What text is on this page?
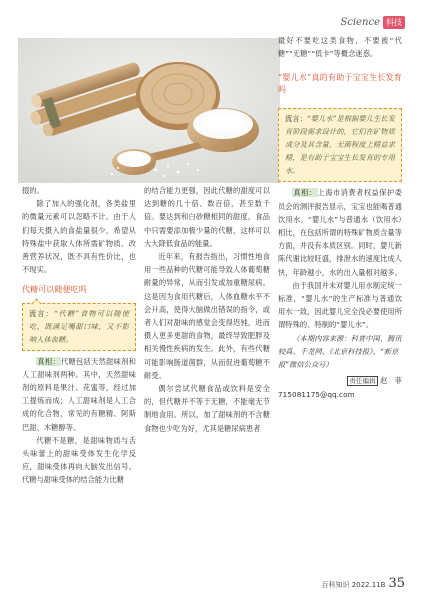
Science 科技

掇的。

除了加入的强化剂，各类盐里的微量元素可以忽略不计。由于人们每天摄入的食盐量很少，希望从特殊盐中获取人体所需矿物质、改善营养状况，既不具有性价比，也不现实。

代糖可以随便吃吗
流言：“代糖”食物可以随便吃，既满足嘴甜口味，又不影响人体血糖。

真相：代糖包括天然甜味剂和人工甜味剂两种。其中，天然甜味剂的原料是果汁、花蜜等，经过加工提炼而成；人工甜味剂是人工合成的化合物，常见的有糖精、阿斯巴甜、木糖醇等。

代糖不是糖，是甜味物质与舌头味蕾上的甜味受体发生化学反应，甜味受体再向大脑发出信号。代糖与甜味受体的结合能力比糖

的结合能力更强，因此代糖的甜度可以达到糖的几十倍、数百倍，甚至数千倍。要达到和白砂糖相同的甜度，食品中只需要添加极少量的代糖，这样可以大大降低食品的能量。

近年来，有报告指出，习惯性地食用一些品种的代糖可能导致人体葡萄糖耐量的异常，从而引发或加重糖尿病。这是因为食用代糖后，人体血糖水平不会升高，使得大脑做出错误的指令，或者人们对甜味的感觉会变得迟钝，进而摄入更多更甜的食物，最终导致肥胖及相关慢性疾病的发生。此外，有些代糖可能影响肠道菌群，从而促进葡萄糖不耐受。

偶尔尝试代糖食品或饮料是安全的，但代糖并不等于无糖，不能毫无节制地食用。所以，加了甜味剂的不含糖食物也少吃为好，尤其是糖尿病患者

最好不要吃这类食物，不要被“代糖”“无糖”“低卡”等概念迷惑。

“婴儿水”真的有助于宝宝生长发育吗
流言：“婴儿水”是根据婴儿生长发育阶段需求设计的，它们在矿物质成分及其含量、无菌程度上精益求精，是有助于宝宝生长发育的专用水。

真相：上海市消费者权益保护委员会的测评报告显示，宝宝也能喝普通饮用水。“婴儿水”与普通水（饮用水）相比，在包括所谓的特殊矿物质含量等方面，并没有本质区别。同时，婴儿新陈代谢比较旺盛，排泄水的速度比成人快，年龄越小，水的出入量相对越多。

由于我国并未对婴儿用水制定统一标准，“婴儿水”的生产标准与普通饮用水一致，因此婴儿完全没必要使用所谓特殊的、特制的“婴儿水”。

（本期内容来源：科普中国、腾讯较真、千龙网、《北京科技报》、“新京报”微信公众号）

责任编辑 赵　菲
715081175@qq.com
百科知识 2022.11B 35
